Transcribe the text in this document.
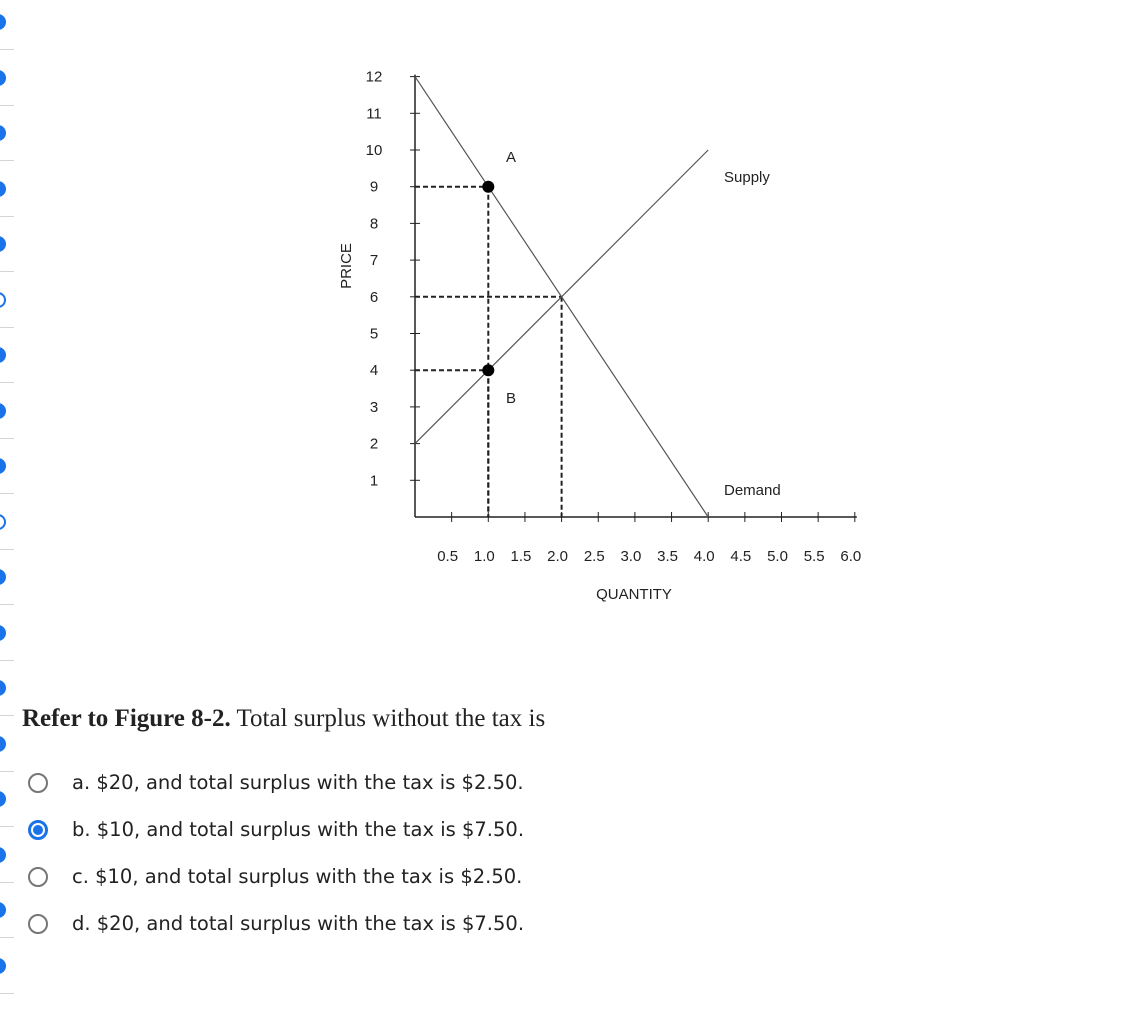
0.5 1.0 1.5 2.0 2.5 3.0 3.5 4.0 4.5 5.0 5.5 6.0
1
2
3
4
5
6
7
8
9
10
11
12
QUANTITY
PRICE
Supply
Demand
A
B

Refer to Figure 8-2. Total surplus without the tax is

a. $20, and total surplus with the tax is $2.50.
b. $10, and total surplus with the tax is $7.50.
c. $10, and total surplus with the tax is $2.50.
d. $20, and total surplus with the tax is $7.50.
